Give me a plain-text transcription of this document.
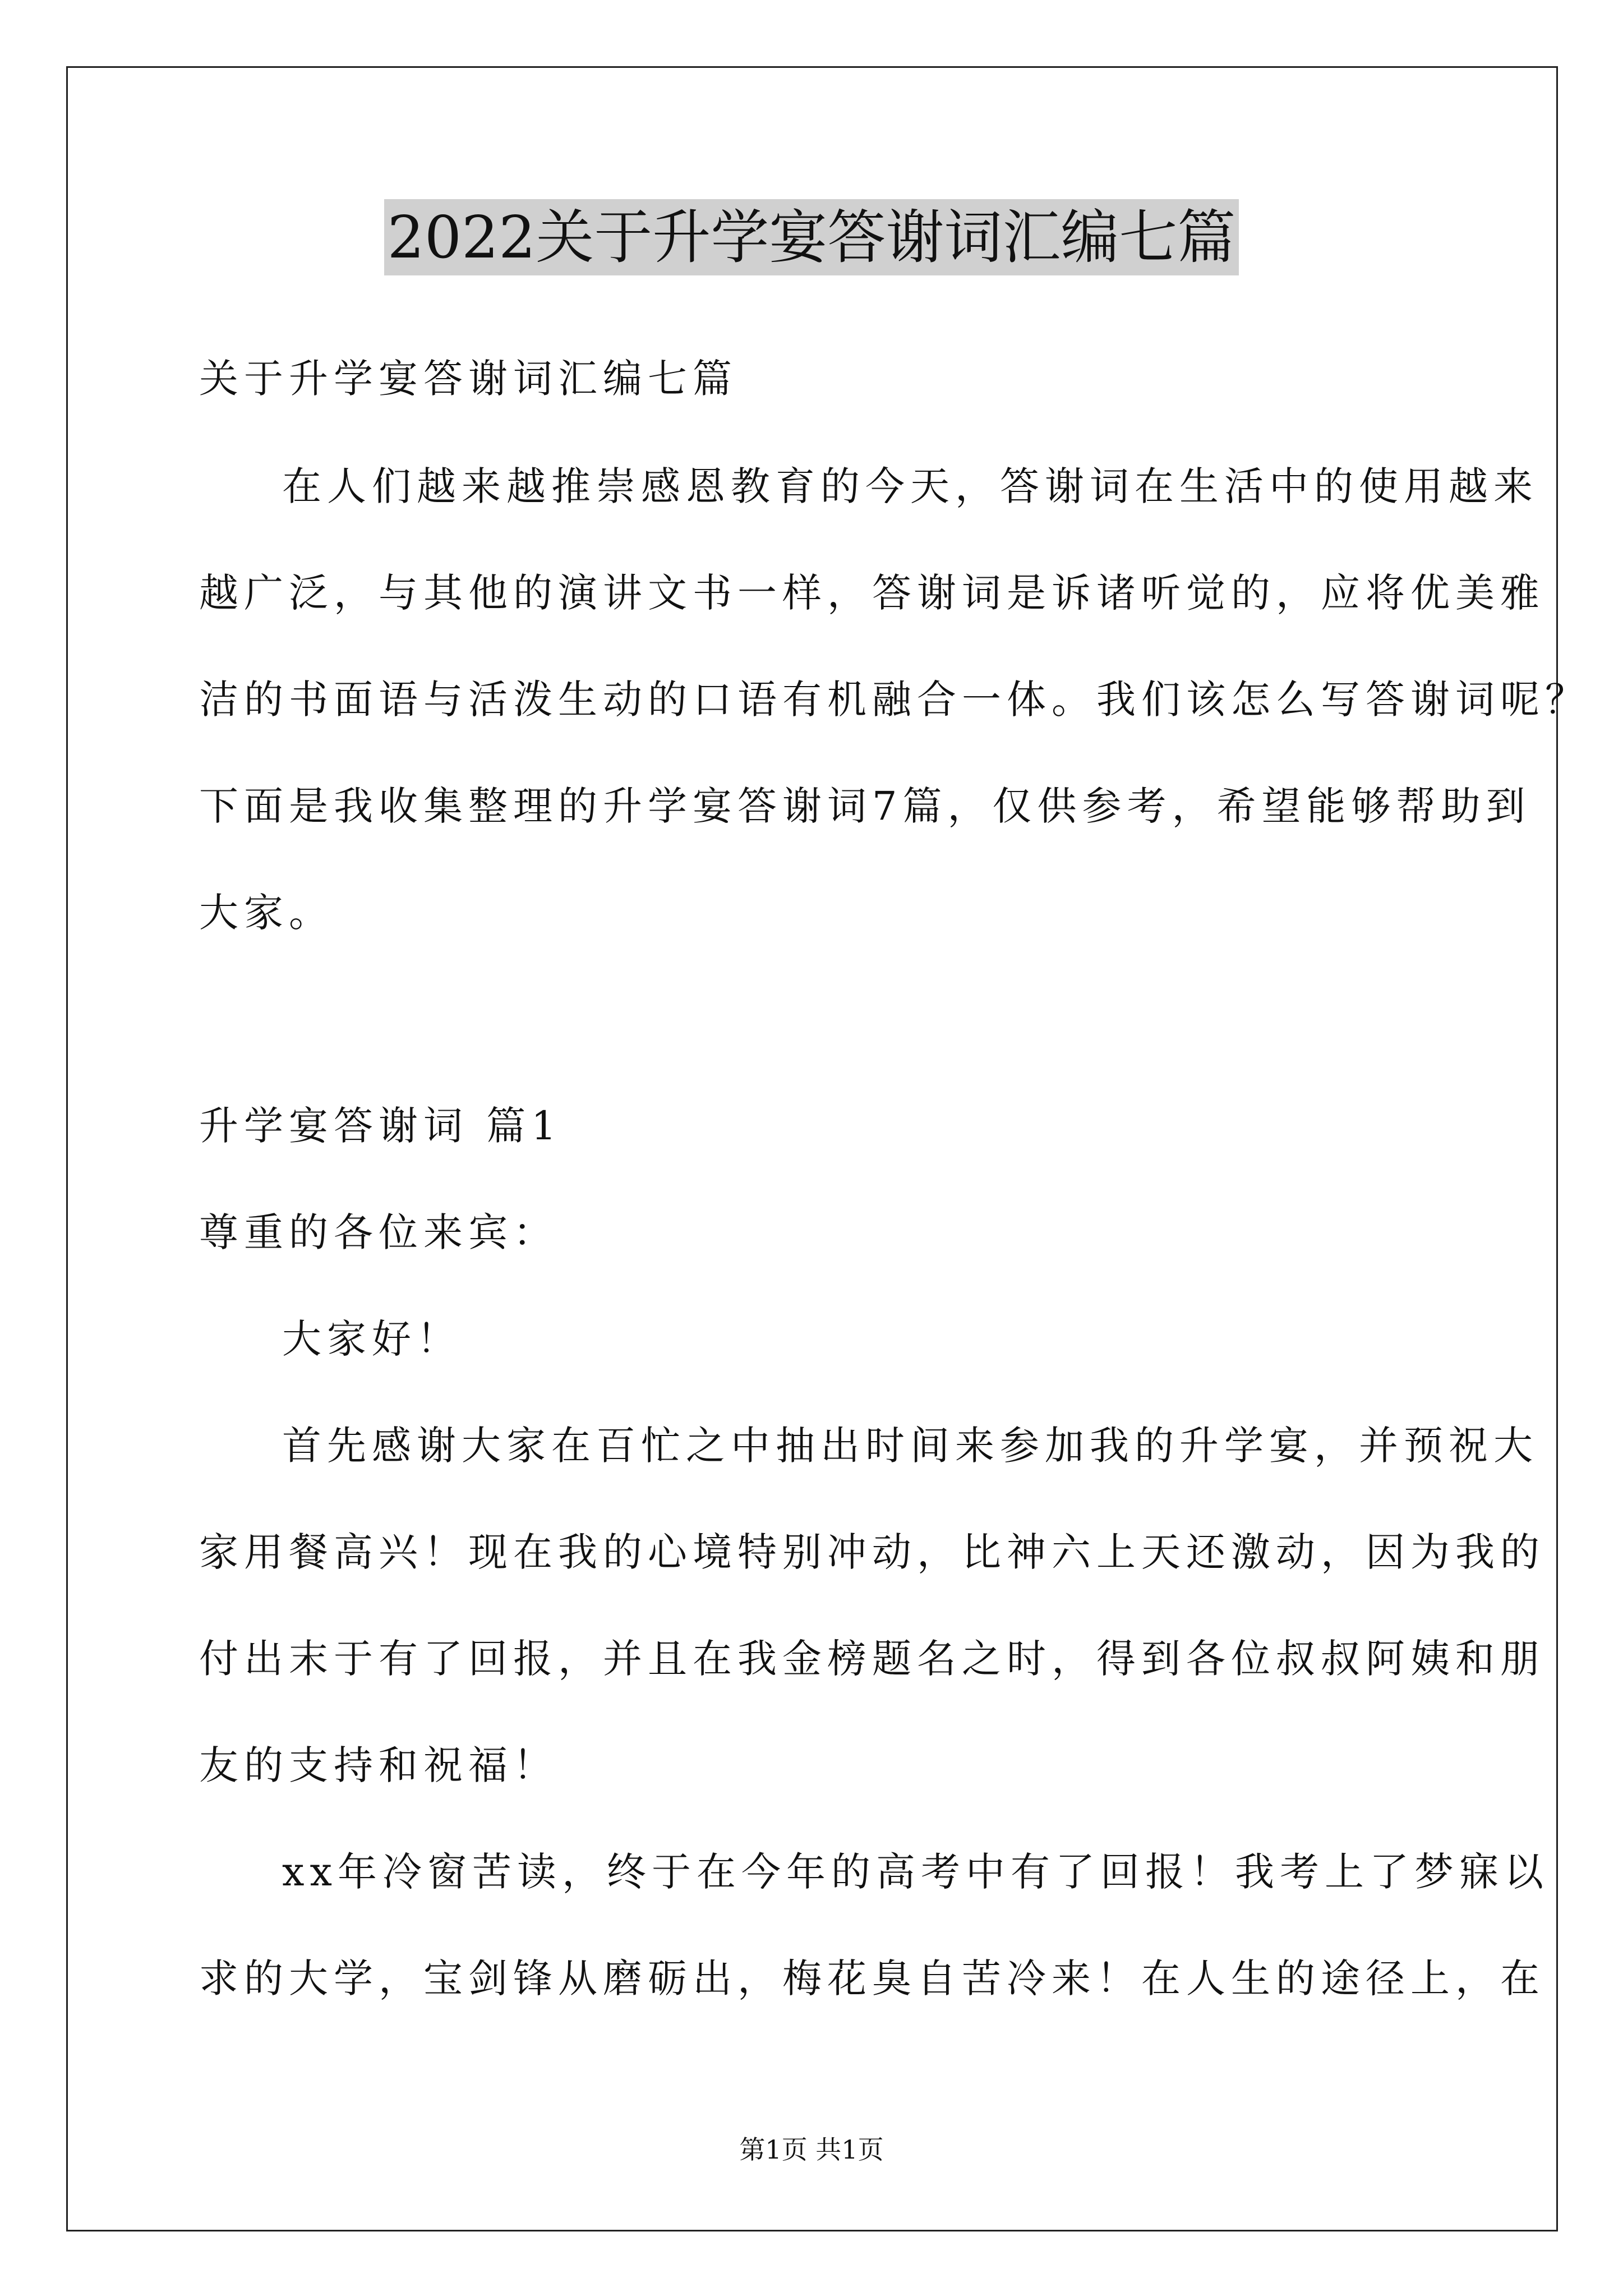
2022关于升学宴答谢词汇编七篇
关于升学宴答谢词汇编七篇
在人们越来越推崇感恩教育的今天，答谢词在生活中的使用越来
越广泛，与其他的演讲文书一样，答谢词是诉诸听觉的，应将优美雅
洁的书面语与活泼生动的口语有机融合一体。我们该怎么写答谢词呢？
下面是我收集整理的升学宴答谢词7篇，仅供参考，希望能够帮助到
大家。
升学宴答谢词 篇1
尊重的各位来宾：
大家好！
首先感谢大家在百忙之中抽出时间来参加我的升学宴，并预祝大
家用餐高兴！现在我的心境特别冲动，比神六上天还激动，因为我的
付出末于有了回报，并且在我金榜题名之时，得到各位叔叔阿姨和朋
友的支持和祝福！
xx年冷窗苦读，终于在今年的高考中有了回报！我考上了梦寐以
求的大学，宝剑锋从磨砺出，梅花臭自苦冷来！在人生的途径上，在
第1页 共1页
